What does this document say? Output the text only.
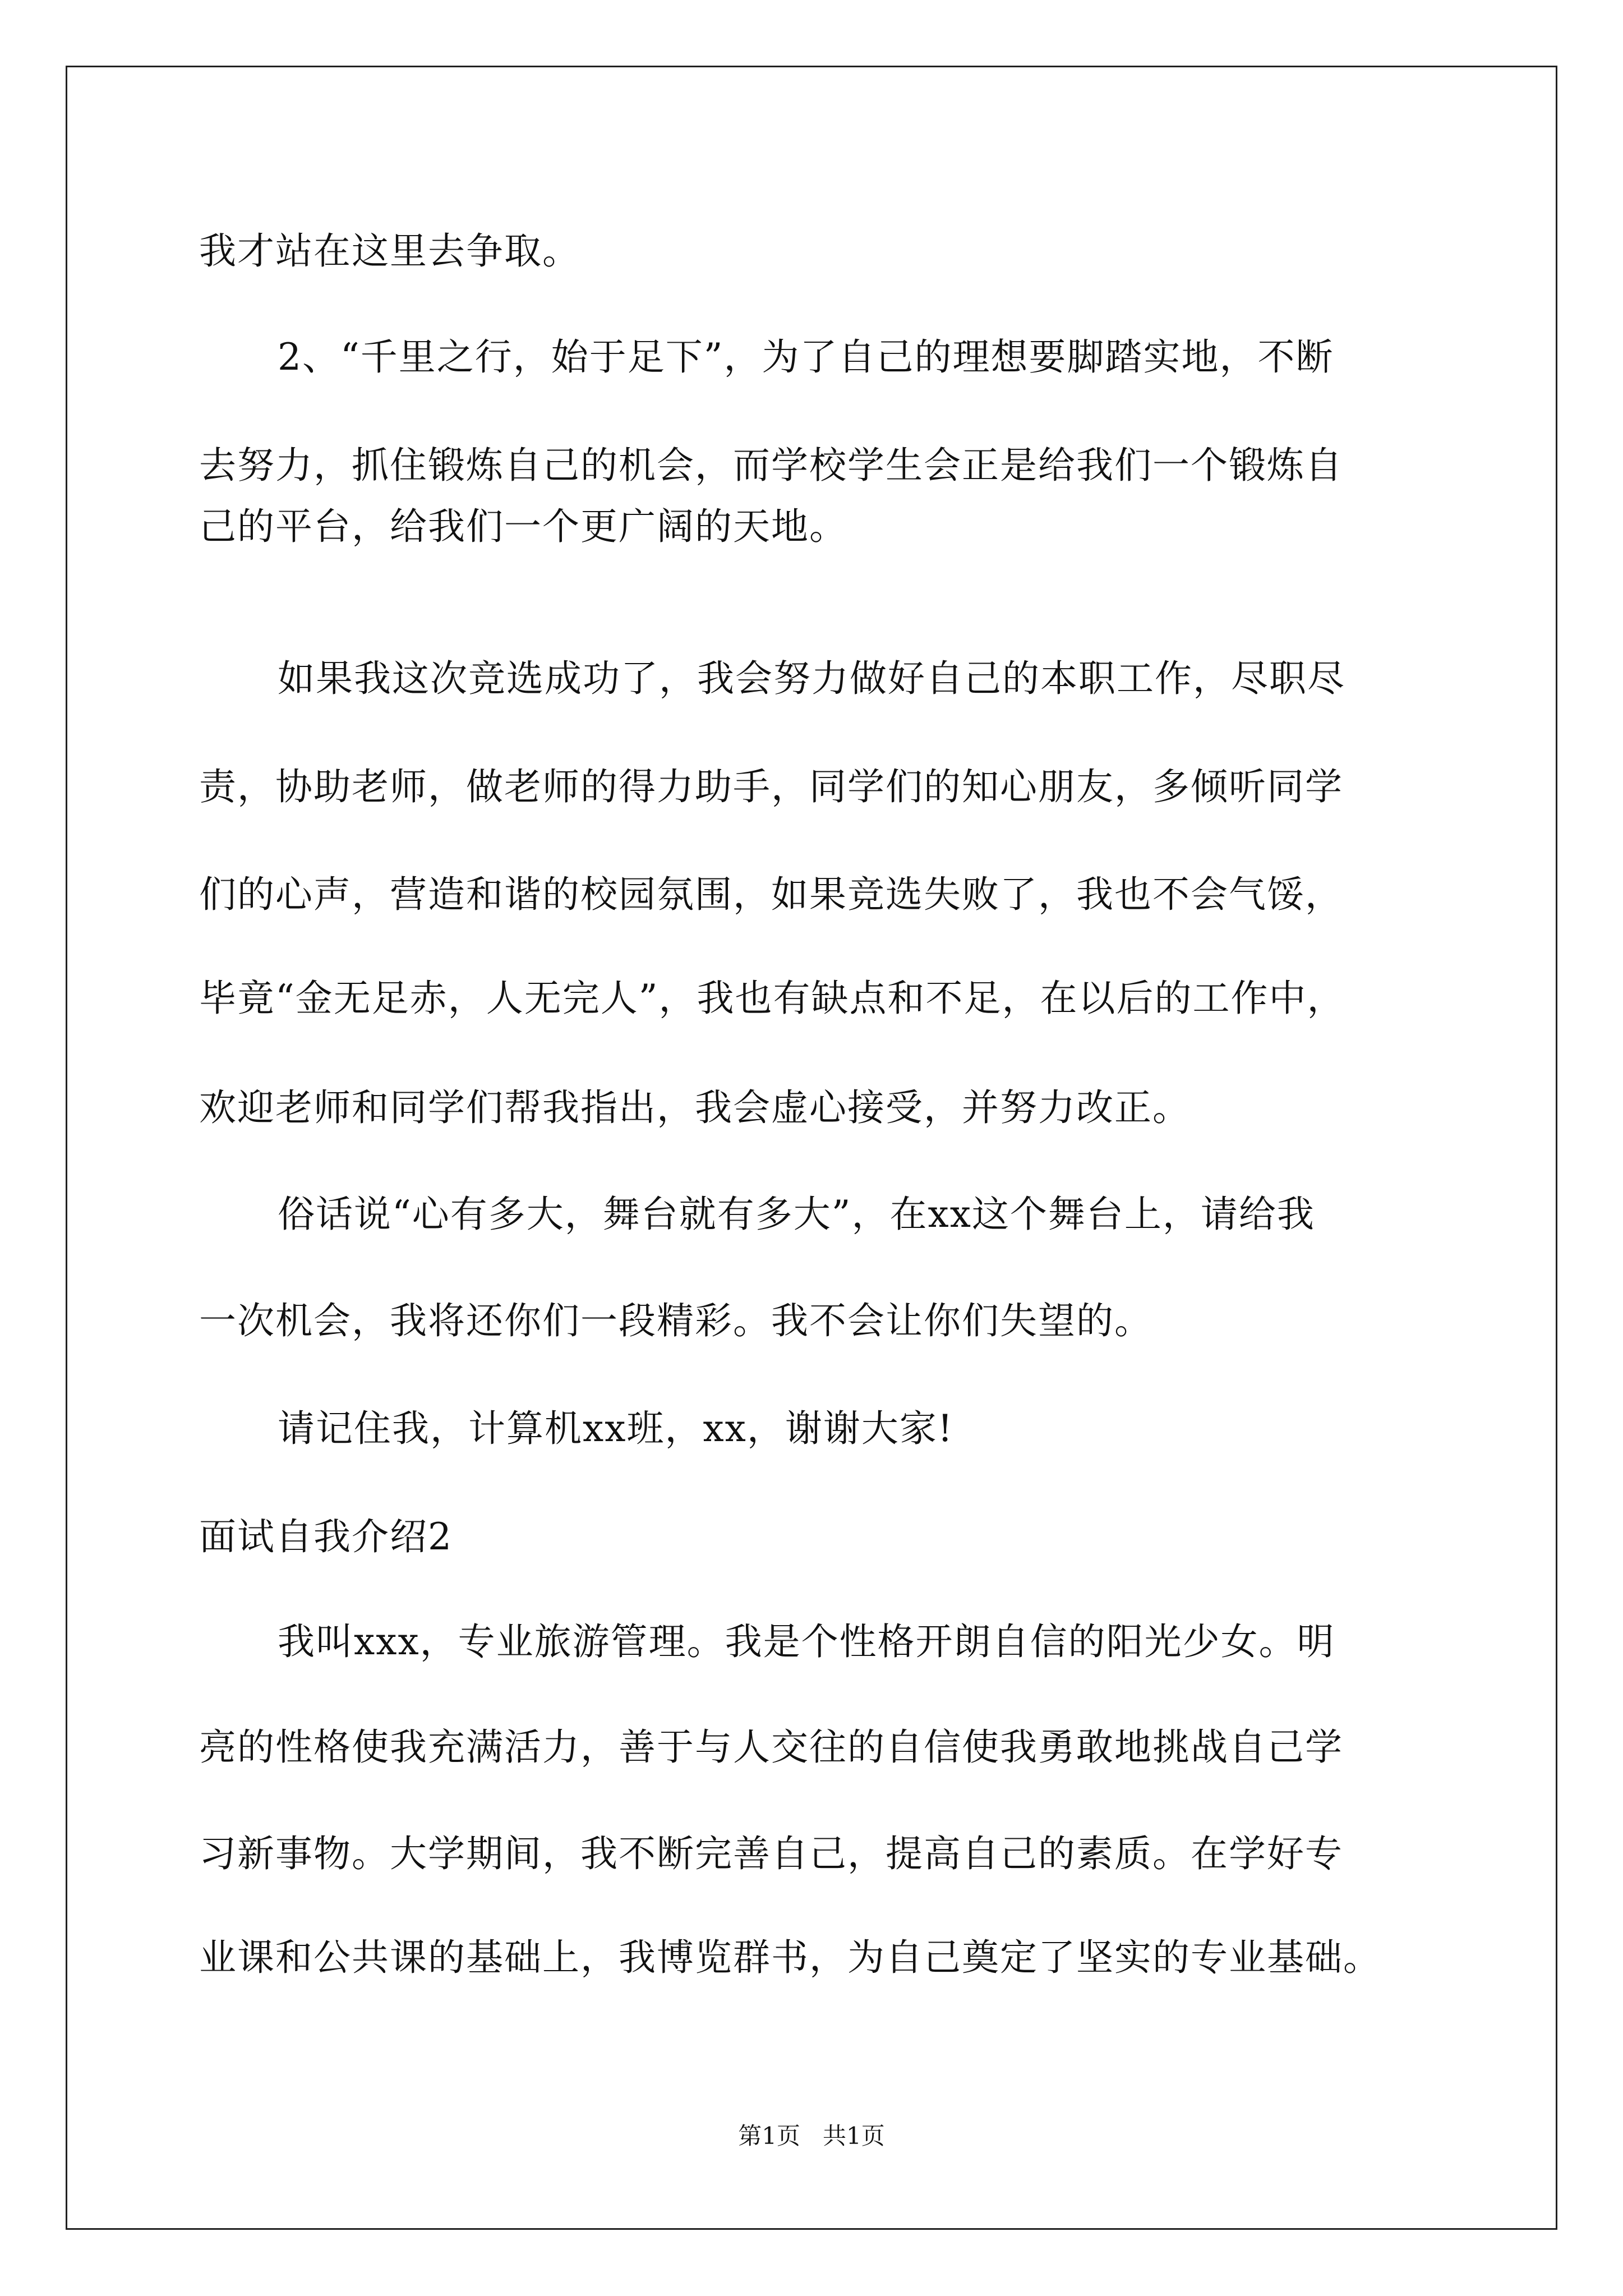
我才站在这里去争取。
2、“千里之行，始于足下”，为了自己的理想要脚踏实地，不断
去努力，抓住锻炼自己的机会，而学校学生会正是给我们一个锻炼自
己的平台，给我们一个更广阔的天地。
如果我这次竞选成功了，我会努力做好自己的本职工作，尽职尽
责，协助老师，做老师的得力助手，同学们的知心朋友，多倾听同学
们的心声，营造和谐的校园氛围，如果竞选失败了，我也不会气馁，
毕竟“金无足赤，人无完人”，我也有缺点和不足，在以后的工作中，
欢迎老师和同学们帮我指出，我会虚心接受，并努力改正。
俗话说“心有多大，舞台就有多大”，在xx这个舞台上，请给我
一次机会，我将还你们一段精彩。我不会让你们失望的。
请记住我，计算机xx班，xx，谢谢大家!
面试自我介绍2
我叫xxx，专业旅游管理。我是个性格开朗自信的阳光少女。明
亮的性格使我充满活力，善于与人交往的自信使我勇敢地挑战自己学
习新事物。大学期间，我不断完善自己，提高自己的素质。在学好专
业课和公共课的基础上，我博览群书，为自己奠定了坚实的专业基础。
第1页   共1页
